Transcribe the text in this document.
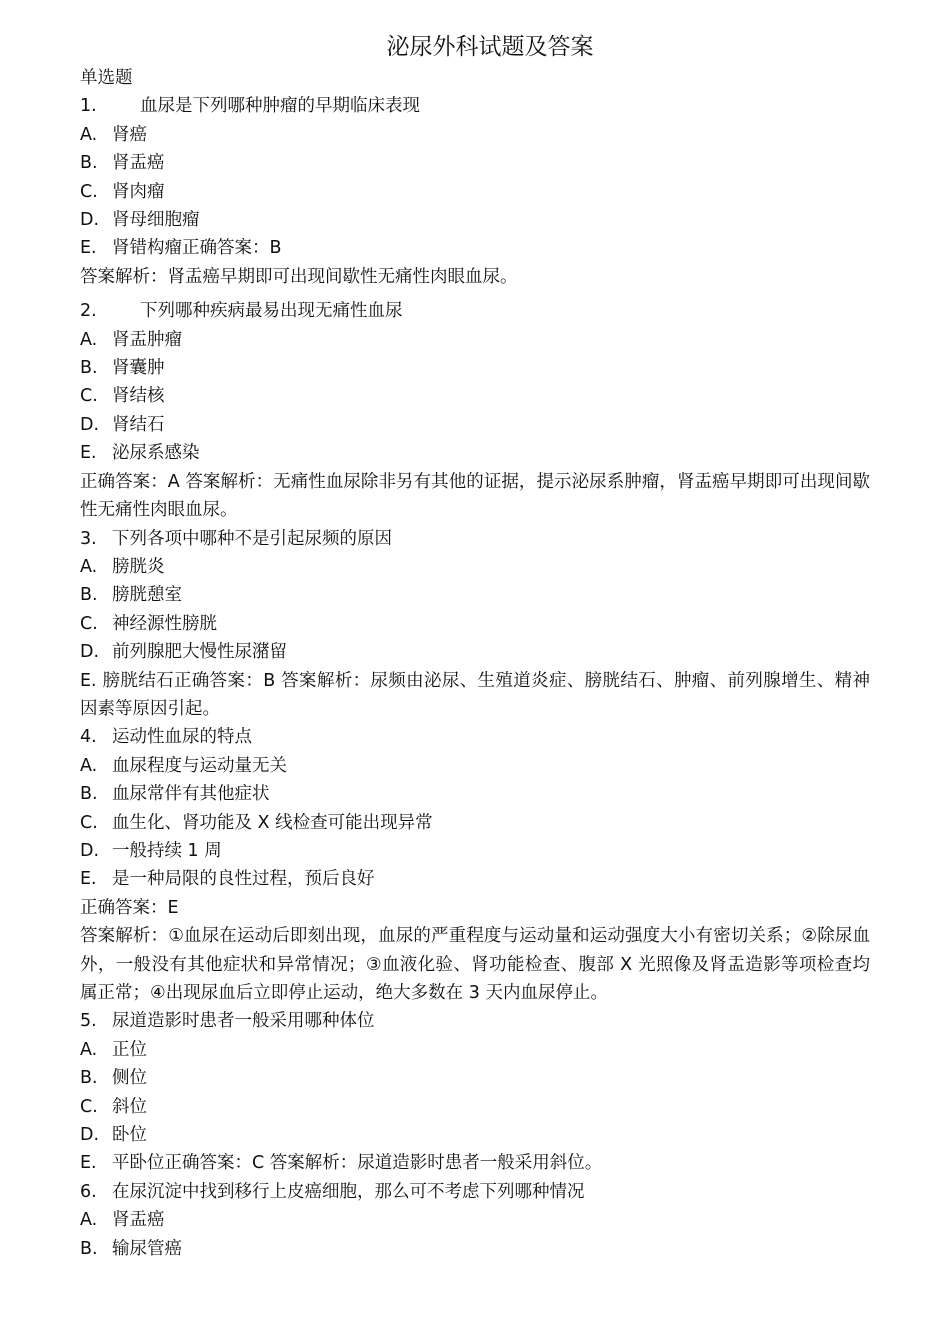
泌尿外科试题及答案
单选题
1. 血尿是下列哪种肿瘤的早期临床表现
A. 肾癌
B. 肾盂癌
C. 肾肉瘤
D. 肾母细胞瘤
E. 肾错构瘤正确答案：B
答案解析：肾盂癌早期即可出现间歇性无痛性肉眼血尿。
2. 下列哪种疾病最易出现无痛性血尿
A. 肾盂肿瘤
B. 肾囊肿
C. 肾结核
D. 肾结石
E. 泌尿系感染
正确答案：A 答案解析：无痛性血尿除非另有其他的证据，提示泌尿系肿瘤，肾盂癌早期即可出现间歇性无痛性肉眼血尿。
3. 下列各项中哪种不是引起尿频的原因
A. 膀胱炎
B. 膀胱憩室
C. 神经源性膀胱
D. 前列腺肥大慢性尿潴留
E. 膀胱结石正确答案：B 答案解析：尿频由泌尿、生殖道炎症、膀胱结石、肿瘤、前列腺增生、精神因素等原因引起。
4. 运动性血尿的特点
A. 血尿程度与运动量无关
B. 血尿常伴有其他症状
C. 血生化、肾功能及 X 线检查可能出现异常
D. 一般持续 1 周
E. 是一种局限的良性过程，预后良好
正确答案：E
答案解析：①血尿在运动后即刻出现，血尿的严重程度与运动量和运动强度大小有密切关系；②除尿血外，一般没有其他症状和异常情况；③血液化验、肾功能检查、腹部 X 光照像及肾盂造影等项检查均属正常；④出现尿血后立即停止运动，绝大多数在 3 天内血尿停止。
5. 尿道造影时患者一般采用哪种体位
A. 正位
B. 侧位
C. 斜位
D. 卧位
E. 平卧位正确答案：C 答案解析：尿道造影时患者一般采用斜位。
6. 在尿沉淀中找到移行上皮癌细胞，那么可不考虑下列哪种情况
A. 肾盂癌
B. 输尿管癌
